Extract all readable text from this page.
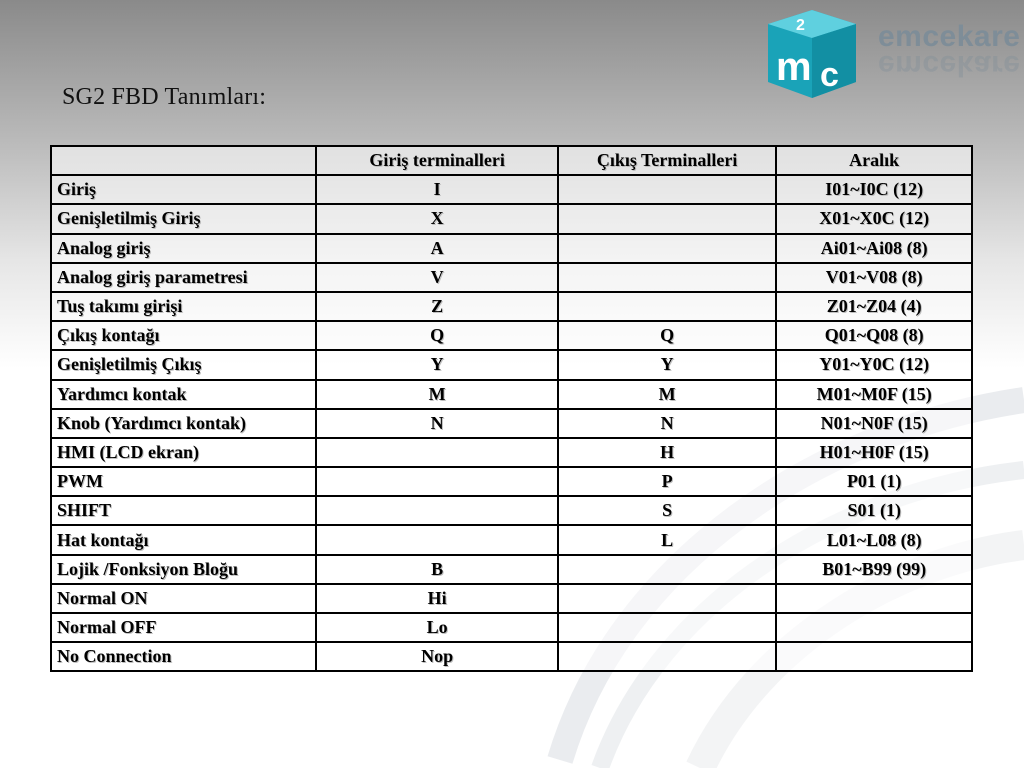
2
m c
emcekare
emcekare
SG2 FBD Tanımları:
	Giriş terminalleri	Çıkış Terminalleri	Aralık
Giriş	I		I01~I0C (12)
Genişletilmiş Giriş	X		X01~X0C (12)
Analog giriş	A		Ai01~Ai08 (8)
Analog giriş parametresi	V		V01~V08 (8)
Tuş takımı girişi	Z		Z01~Z04 (4)
Çıkış kontağı	Q	Q	Q01~Q08 (8)
Genişletilmiş Çıkış	Y	Y	Y01~Y0C (12)
Yardımcı kontak	M	M	M01~M0F (15)
Knob (Yardımcı kontak)	N	N	N01~N0F (15)
HMI (LCD ekran)		H	H01~H0F (15)
PWM		P	P01 (1)
SHIFT		S	S01 (1)
Hat kontağı		L	L01~L08 (8)
Lojik /Fonksiyon Bloğu	B		B01~B99 (99)
Normal ON	Hi		
Normal OFF	Lo		
No Connection	Nop		
